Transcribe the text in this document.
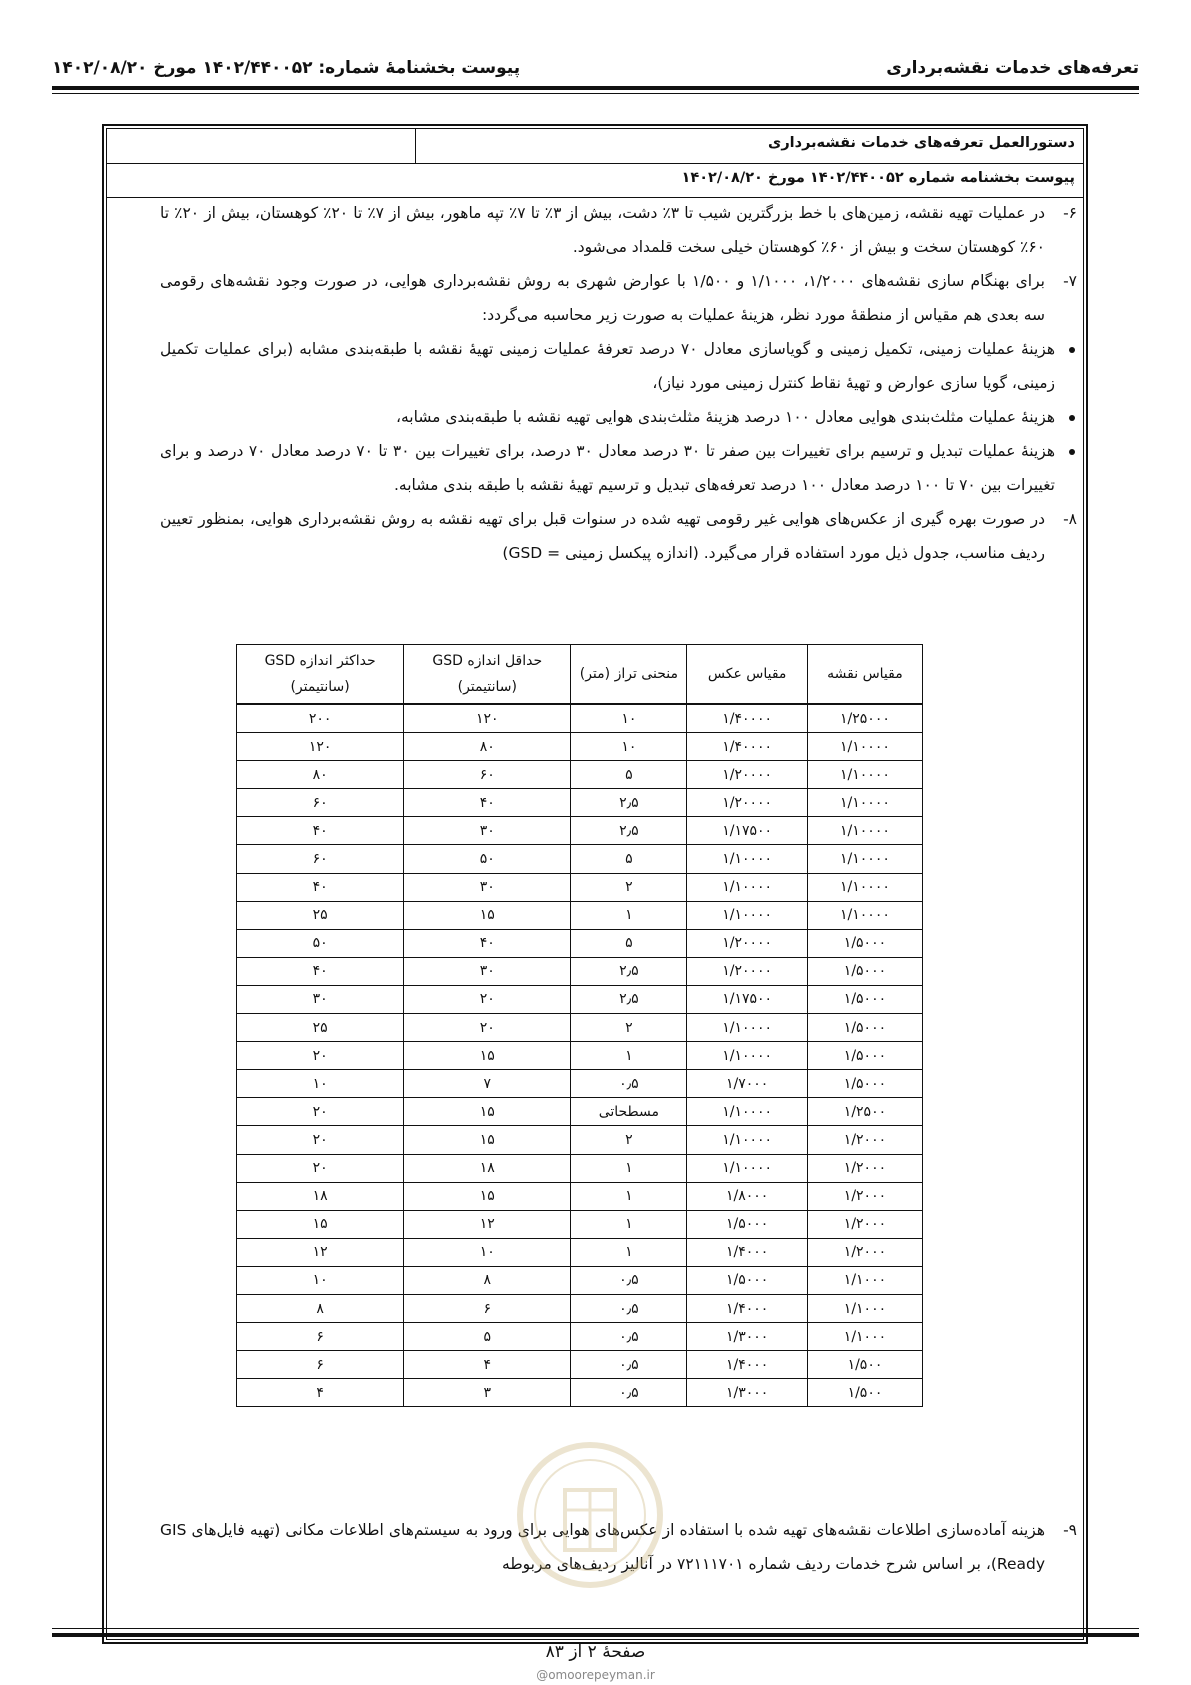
تعرفه‌های خدمات نقشه‌برداری
پیوست بخشنامۀ شماره: ۱۴۰۲/۴۴۰۰۵۲ مورخ ۱۴۰۲/۰۸/۲۰
دستورالعمل تعرفه‌های خدمات نقشه‌برداری
پیوست بخشنامه شماره ۱۴۰۲/۴۴۰۰۵۲ مورخ ۱۴۰۲/۰۸/۲۰
۶-
در عملیات تهیه نقشه، زمین‌های با خط بزرگترین شیب تا ۳٪ دشت، بیش از ۳٪ تا ۷٪ تپه ماهور، بیش از ۷٪ تا ۲۰٪ کوهستان، بیش از ۲۰٪ تا ۶۰٪ کوهستان سخت و بیش از ۶۰٪ کوهستان خیلی سخت قلمداد می‌شود.
۷-
برای بهنگام سازی نقشه‌های ۱/۲۰۰۰، ۱/۱۰۰۰ و ۱/۵۰۰ با عوارض شهری به روش نقشه‌برداری هوایی، در صورت وجود نقشه‌های رقومی سه بعدی هم مقیاس از منطقۀ مورد نظر، هزینۀ عملیات به صورت زیر محاسبه می‌گردد:
هزینۀ عملیات زمینی، تکمیل زمینی و گویاسازی معادل ۷۰ درصد تعرفۀ عملیات زمینی تهیۀ نقشه با طبقه‌بندی مشابه (برای عملیات تکمیل زمینی، گویا سازی عوارض و تهیۀ نقاط کنترل زمینی مورد نیاز)،
هزینۀ عملیات مثلث‌بندی هوایی معادل ۱۰۰ درصد هزینۀ مثلث‌بندی هوایی تهیه نقشه با طبقه‌بندی مشابه،
هزینۀ عملیات تبدیل و ترسیم برای تغییرات بین صفر تا ۳۰ درصد معادل ۳۰ درصد، برای تغییرات بین ۳۰ تا ۷۰ درصد معادل ۷۰ درصد و برای تغییرات بین ۷۰ تا ۱۰۰ درصد معادل ۱۰۰ درصد تعرفه‌های تبدیل و ترسیم تهیۀ نقشه با طبقه بندی مشابه.
۸-
در صورت بهره گیری از عکس‌های هوایی غیر رقومی تهیه شده در سنوات قبل برای تهیه نقشه به روش نقشه‌برداری هوایی، بمنظور تعیین ردیف مناسب، جدول ذیل مورد استفاده قرار می‌گیرد. (اندازه پیکسل زمینی = GSD)
مقیاس نقشه	مقیاس عکس	منحنی تراز (متر)	حداقل اندازه GSD (سانتیمتر)	حداکثر اندازه GSD (سانتیمتر)
۱/۲۵۰۰۰	۱/۴۰۰۰۰	۱۰	۱۲۰	۲۰۰
۱/۱۰۰۰۰	۱/۴۰۰۰۰	۱۰	۸۰	۱۲۰
۱/۱۰۰۰۰	۱/۲۰۰۰۰	۵	۶۰	۸۰
۱/۱۰۰۰۰	۱/۲۰۰۰۰	۲٫۵	۴۰	۶۰
۱/۱۰۰۰۰	۱/۱۷۵۰۰	۲٫۵	۳۰	۴۰
۱/۱۰۰۰۰	۱/۱۰۰۰۰	۵	۵۰	۶۰
۱/۱۰۰۰۰	۱/۱۰۰۰۰	۲	۳۰	۴۰
۱/۱۰۰۰۰	۱/۱۰۰۰۰	۱	۱۵	۲۵
۱/۵۰۰۰	۱/۲۰۰۰۰	۵	۴۰	۵۰
۱/۵۰۰۰	۱/۲۰۰۰۰	۲٫۵	۳۰	۴۰
۱/۵۰۰۰	۱/۱۷۵۰۰	۲٫۵	۲۰	۳۰
۱/۵۰۰۰	۱/۱۰۰۰۰	۲	۲۰	۲۵
۱/۵۰۰۰	۱/۱۰۰۰۰	۱	۱۵	۲۰
۱/۵۰۰۰	۱/۷۰۰۰	۰٫۵	۷	۱۰
۱/۲۵۰۰	۱/۱۰۰۰۰	مسطحاتی	۱۵	۲۰
۱/۲۰۰۰	۱/۱۰۰۰۰	۲	۱۵	۲۰
۱/۲۰۰۰	۱/۱۰۰۰۰	۱	۱۸	۲۰
۱/۲۰۰۰	۱/۸۰۰۰	۱	۱۵	۱۸
۱/۲۰۰۰	۱/۵۰۰۰	۱	۱۲	۱۵
۱/۲۰۰۰	۱/۴۰۰۰	۱	۱۰	۱۲
۱/۱۰۰۰	۱/۵۰۰۰	۰٫۵	۸	۱۰
۱/۱۰۰۰	۱/۴۰۰۰	۰٫۵	۶	۸
۱/۱۰۰۰	۱/۳۰۰۰	۰٫۵	۵	۶
۱/۵۰۰	۱/۴۰۰۰	۰٫۵	۴	۶
۱/۵۰۰	۱/۳۰۰۰	۰٫۵	۳	۴
۹-
هزینه آماده‌سازی اطلاعات نقشه‌های تهیه شده با استفاده از عکس‌های هوایی برای ورود به سیستم‌های اطلاعات مکانی (تهیه فایل‌های GIS Ready)، بر اساس شرح خدمات ردیف شماره ۷۲۱۱۱۷۰۱ در آنالیز ردیف‌های مربوطه
صفحۀ ۲ از ۸۳
@omoorepeyman.ir
